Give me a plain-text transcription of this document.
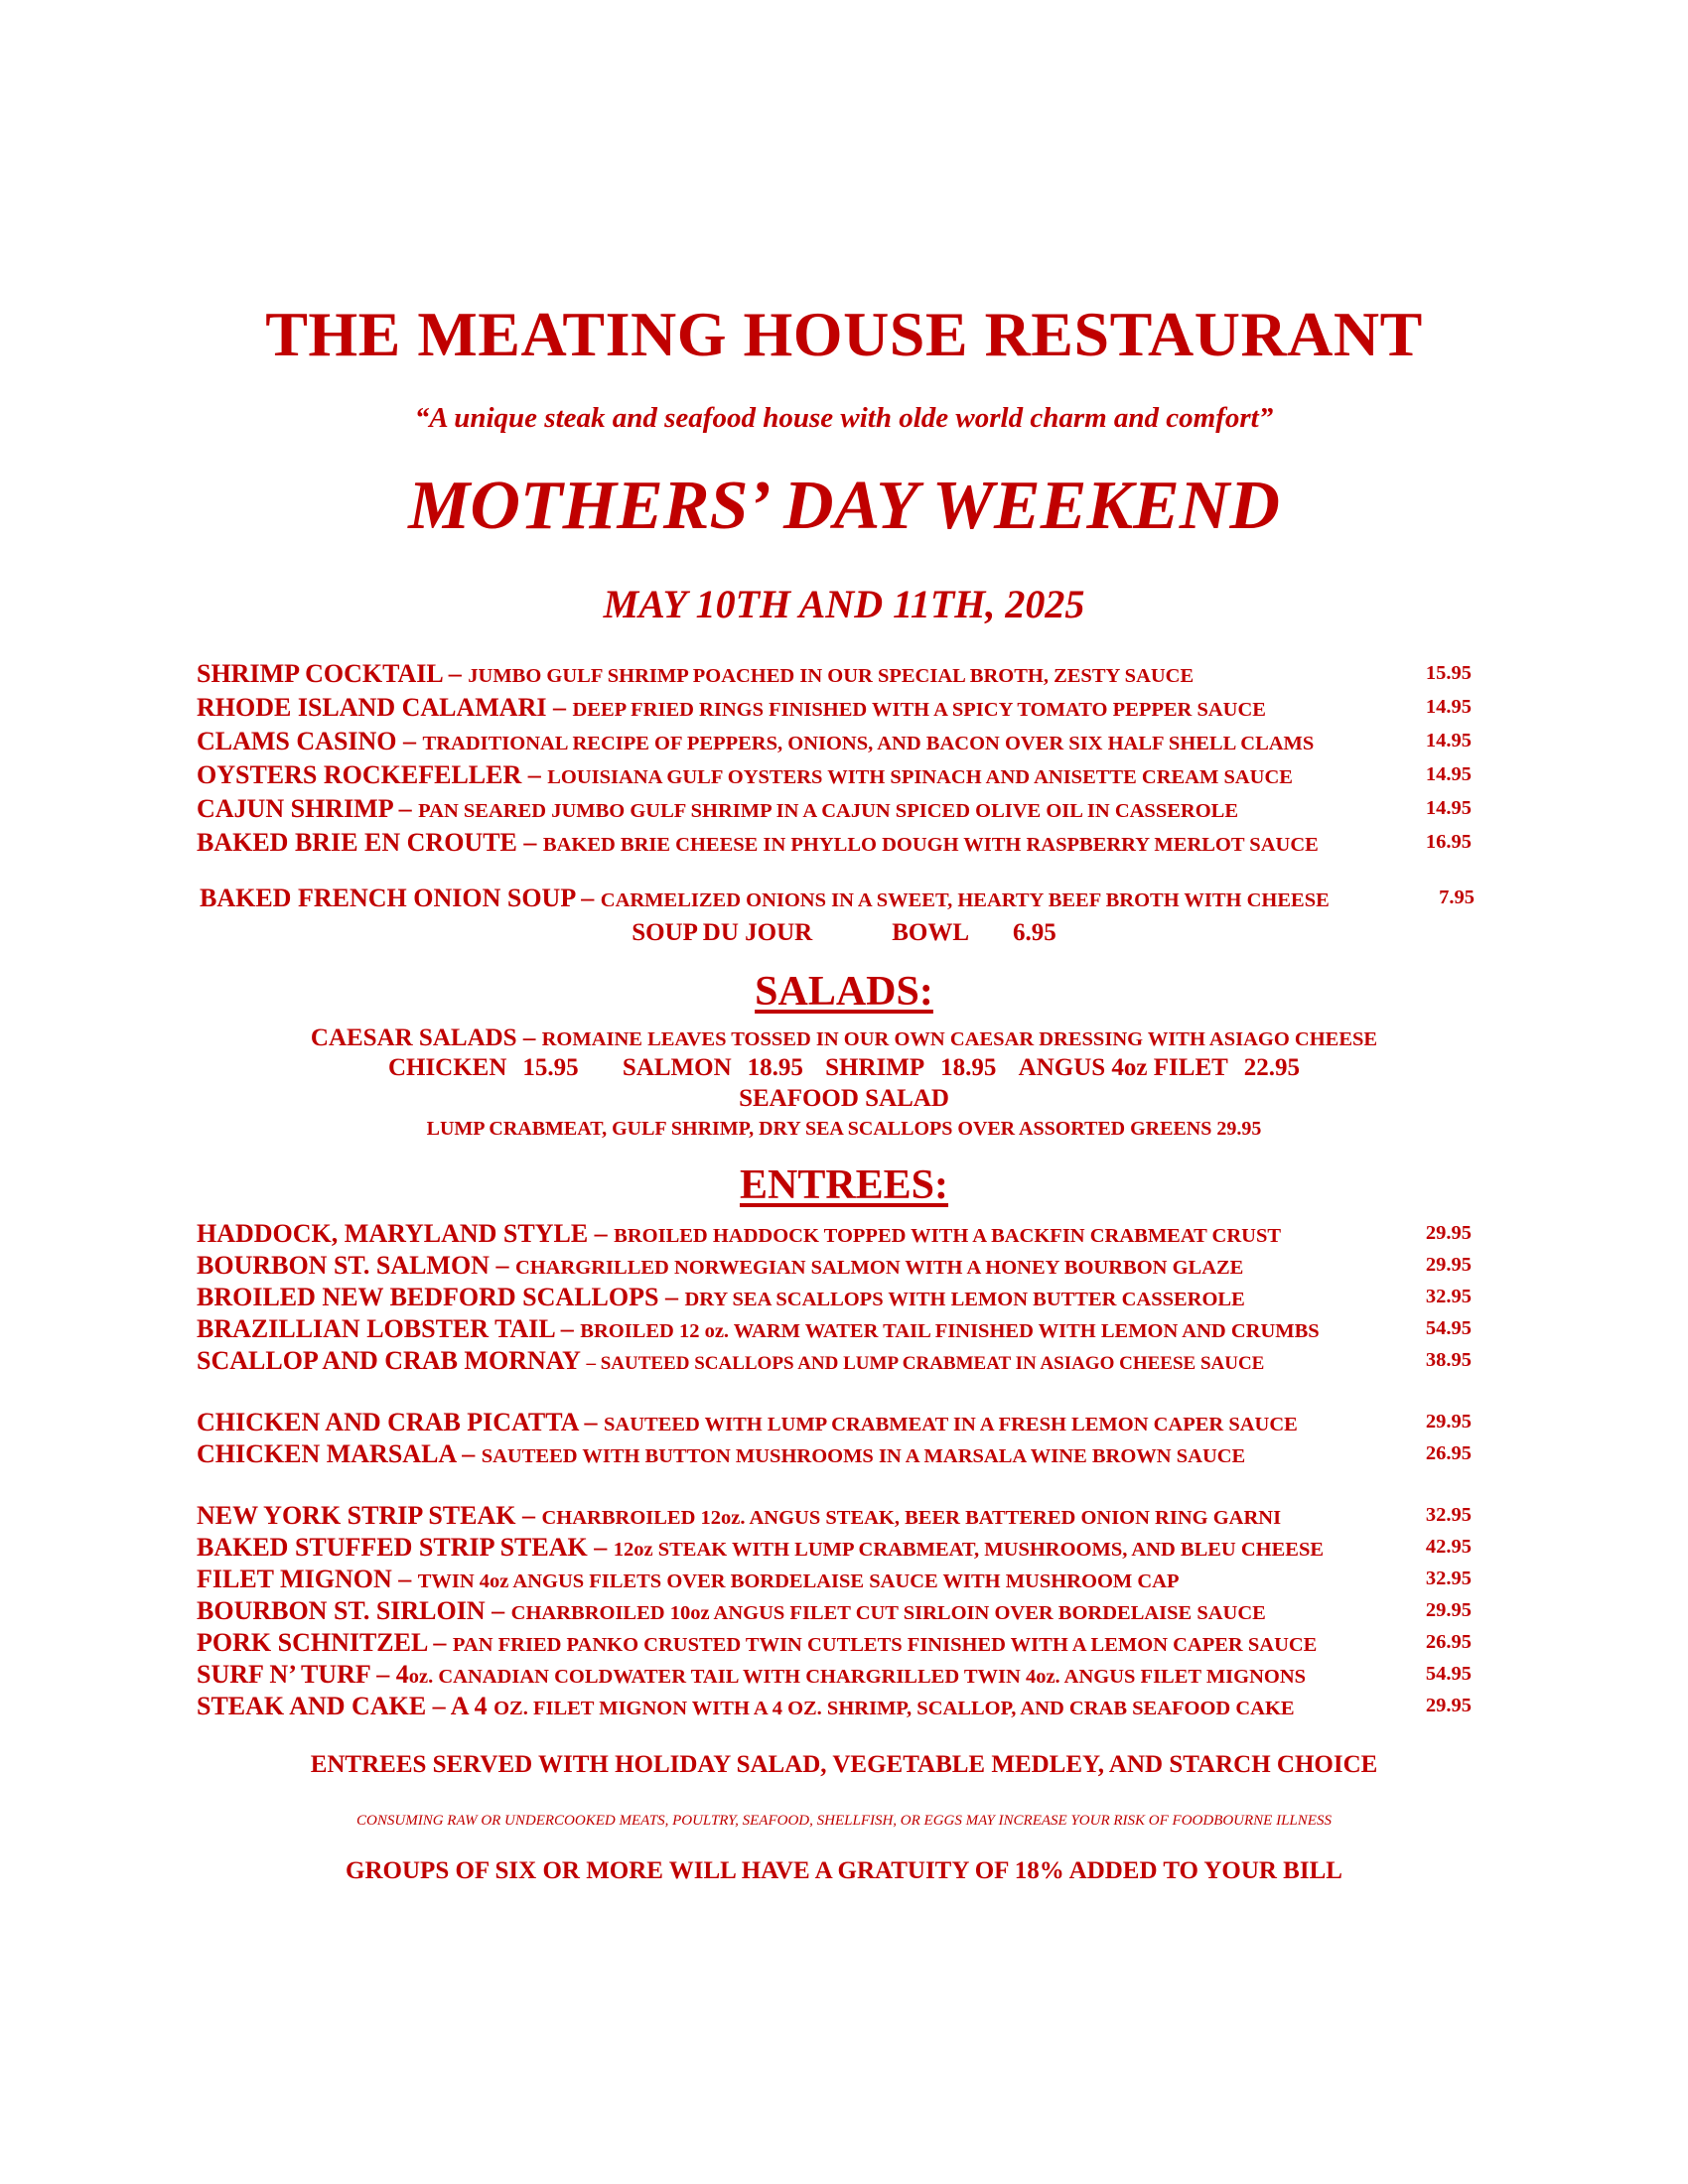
THE MEATING HOUSE RESTAURANT
“A unique steak and seafood house with olde world charm and comfort”
MOTHERS’ DAY WEEKEND
MAY 10TH AND 11TH, 2025
SHRIMP COCKTAIL – JUMBO GULF SHRIMP POACHED IN OUR SPECIAL BROTH, ZESTY SAUCE	15.95
RHODE ISLAND CALAMARI – DEEP FRIED RINGS FINISHED WITH A SPICY TOMATO PEPPER SAUCE	14.95
CLAMS CASINO – TRADITIONAL RECIPE OF PEPPERS, ONIONS, AND BACON OVER SIX HALF SHELL CLAMS	14.95
OYSTERS ROCKEFELLER – LOUISIANA GULF OYSTERS WITH SPINACH AND ANISETTE CREAM SAUCE	14.95
CAJUN SHRIMP – PAN SEARED JUMBO GULF SHRIMP IN A CAJUN SPICED OLIVE OIL IN CASSEROLE	14.95
BAKED BRIE EN CROUTE – BAKED BRIE CHEESE IN PHYLLO DOUGH WITH RASPBERRY MERLOT SAUCE	16.95
BAKED FRENCH ONION SOUP – CARMELIZED ONIONS IN A SWEET, HEARTY BEEF BROTH WITH CHEESE	7.95
SOUP DU JOUR	BOWL 6.95
SALADS:
CAESAR SALADS – ROMAINE LEAVES TOSSED IN OUR OWN CAESAR DRESSING WITH ASIAGO CHEESE
CHICKEN 15.95 SALMON 18.95 SHRIMP 18.95 ANGUS 4oz FILET 22.95
SEAFOOD SALAD
LUMP CRABMEAT, GULF SHRIMP, DRY SEA SCALLOPS OVER ASSORTED GREENS 29.95
ENTREES:
HADDOCK, MARYLAND STYLE – BROILED HADDOCK TOPPED WITH A BACKFIN CRABMEAT CRUST	29.95
BOURBON ST. SALMON – CHARGRILLED NORWEGIAN SALMON WITH A HONEY BOURBON GLAZE	29.95
BROILED NEW BEDFORD SCALLOPS – DRY SEA SCALLOPS WITH LEMON BUTTER CASSEROLE	32.95
BRAZILLIAN LOBSTER TAIL – BROILED 12 oz. WARM WATER TAIL FINISHED WITH LEMON AND CRUMBS	54.95
SCALLOP AND CRAB MORNAY – SAUTEED SCALLOPS AND LUMP CRABMEAT IN ASIAGO CHEESE SAUCE	38.95
CHICKEN AND CRAB PICATTA – SAUTEED WITH LUMP CRABMEAT IN A FRESH LEMON CAPER SAUCE	29.95
CHICKEN MARSALA – SAUTEED WITH BUTTON MUSHROOMS IN A MARSALA WINE BROWN SAUCE	26.95
NEW YORK STRIP STEAK – CHARBROILED 12oz. ANGUS STEAK, BEER BATTERED ONION RING GARNI	32.95
BAKED STUFFED STRIP STEAK – 12oz STEAK WITH LUMP CRABMEAT, MUSHROOMS, AND BLEU CHEESE	42.95
FILET MIGNON – TWIN 4oz ANGUS FILETS OVER BORDELAISE SAUCE WITH MUSHROOM CAP	32.95
BOURBON ST. SIRLOIN – CHARBROILED 10oz ANGUS FILET CUT SIRLOIN OVER BORDELAISE SAUCE	29.95
PORK SCHNITZEL – PAN FRIED PANKO CRUSTED TWIN CUTLETS FINISHED WITH A LEMON CAPER SAUCE	26.95
SURF N’ TURF – 4oz. CANADIAN COLDWATER TAIL WITH CHARGRILLED TWIN 4oz. ANGUS FILET MIGNONS	54.95
STEAK AND CAKE – A 4 OZ. FILET MIGNON WITH A 4 OZ. SHRIMP, SCALLOP, AND CRAB SEAFOOD CAKE	29.95
ENTREES SERVED WITH HOLIDAY SALAD, VEGETABLE MEDLEY, AND STARCH CHOICE
CONSUMING RAW OR UNDERCOOKED MEATS, POULTRY, SEAFOOD, SHELLFISH, OR EGGS MAY INCREASE YOUR RISK OF FOODBOURNE ILLNESS
GROUPS OF SIX OR MORE WILL HAVE A GRATUITY OF 18% ADDED TO YOUR BILL
